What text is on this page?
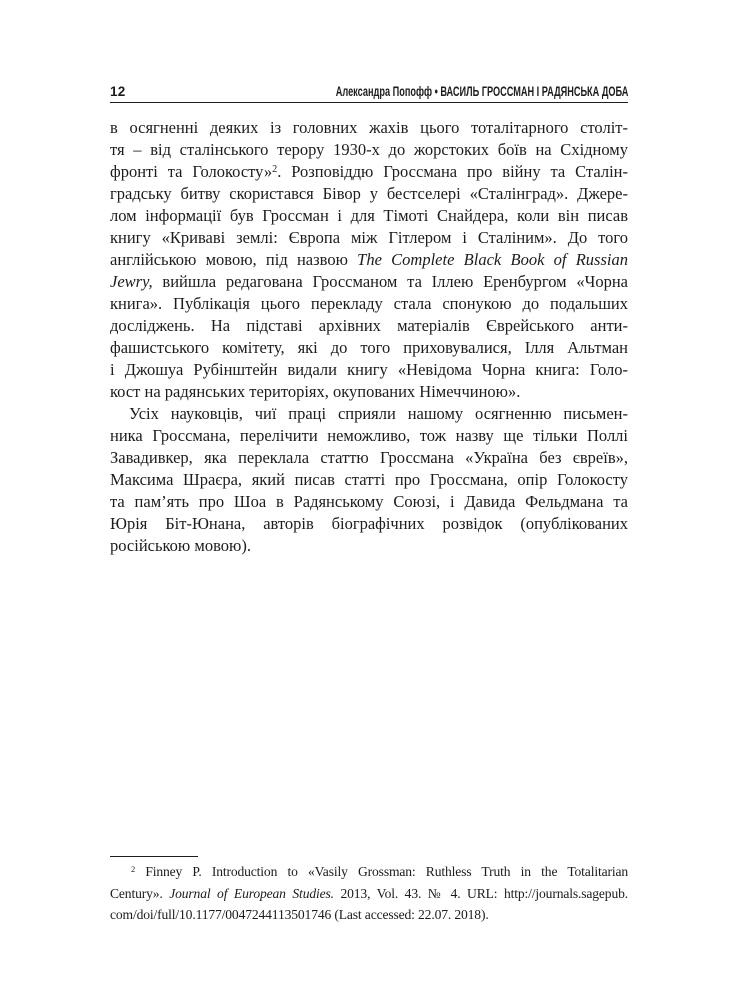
12	Александра Попофф • ВАСИЛЬ ГРОССМАН І РАДЯНСЬКА ДОБА
в осягненні деяких із головних жахів цього тоталітарного століт-
тя – від сталінського терору 1930-х до жорстоких боїв на Східному
фронті та Голокосту»$^2$. Розповіддю Гроссмана про війну та Сталін-
градську битву скористався Бівор у бестселері «Сталінград». Джере-
лом інформації був Гроссман і для Тімоті Снайдера, коли він писав
книгу «Криваві землі: Європа між Гітлером і Сталіним». До того
англійською мовою, під назвою The Complete Black Book of Russian
Jewry, вийшла редагована Гроссманом та Іллею Еренбургом «Чорна
книга». Публікація цього перекладу стала спонукою до подальших
досліджень. На підставі архівних матеріалів Єврейського анти-
фашистського комітету, які до того приховувалися, Ілля Альтман
і Джошуа Рубінштейн видали книгу «Невідома Чорна книга: Голо-
кост на радянських територіях, окупованих Німеччиною».
Усіх науковців, чиї праці сприяли нашому осягненню письмен-
ника Гроссмана, перелічити неможливо, тож назву ще тільки Поллі
Завадивкер, яка переклала статтю Гроссмана «Україна без євреїв»,
Максима Шраєра, який писав статті про Гроссмана, опір Голокосту
та пам’ять про Шоа в Радянському Союзі, і Давида Фельдмана та
Юрія Біт-Юнана, авторів біографічних розвідок (опублікованих
російською мовою).
$^2$ Finney P. Introduction to «Vasily Grossman: Ruthless Truth in the Totalitarian
Century». Journal of European Studies. 2013, Vol. 43. № 4. URL: http://journals.sagepub.
com/doi/full/10.1177/0047244113501746 (Last accessed: 22.07. 2018).
